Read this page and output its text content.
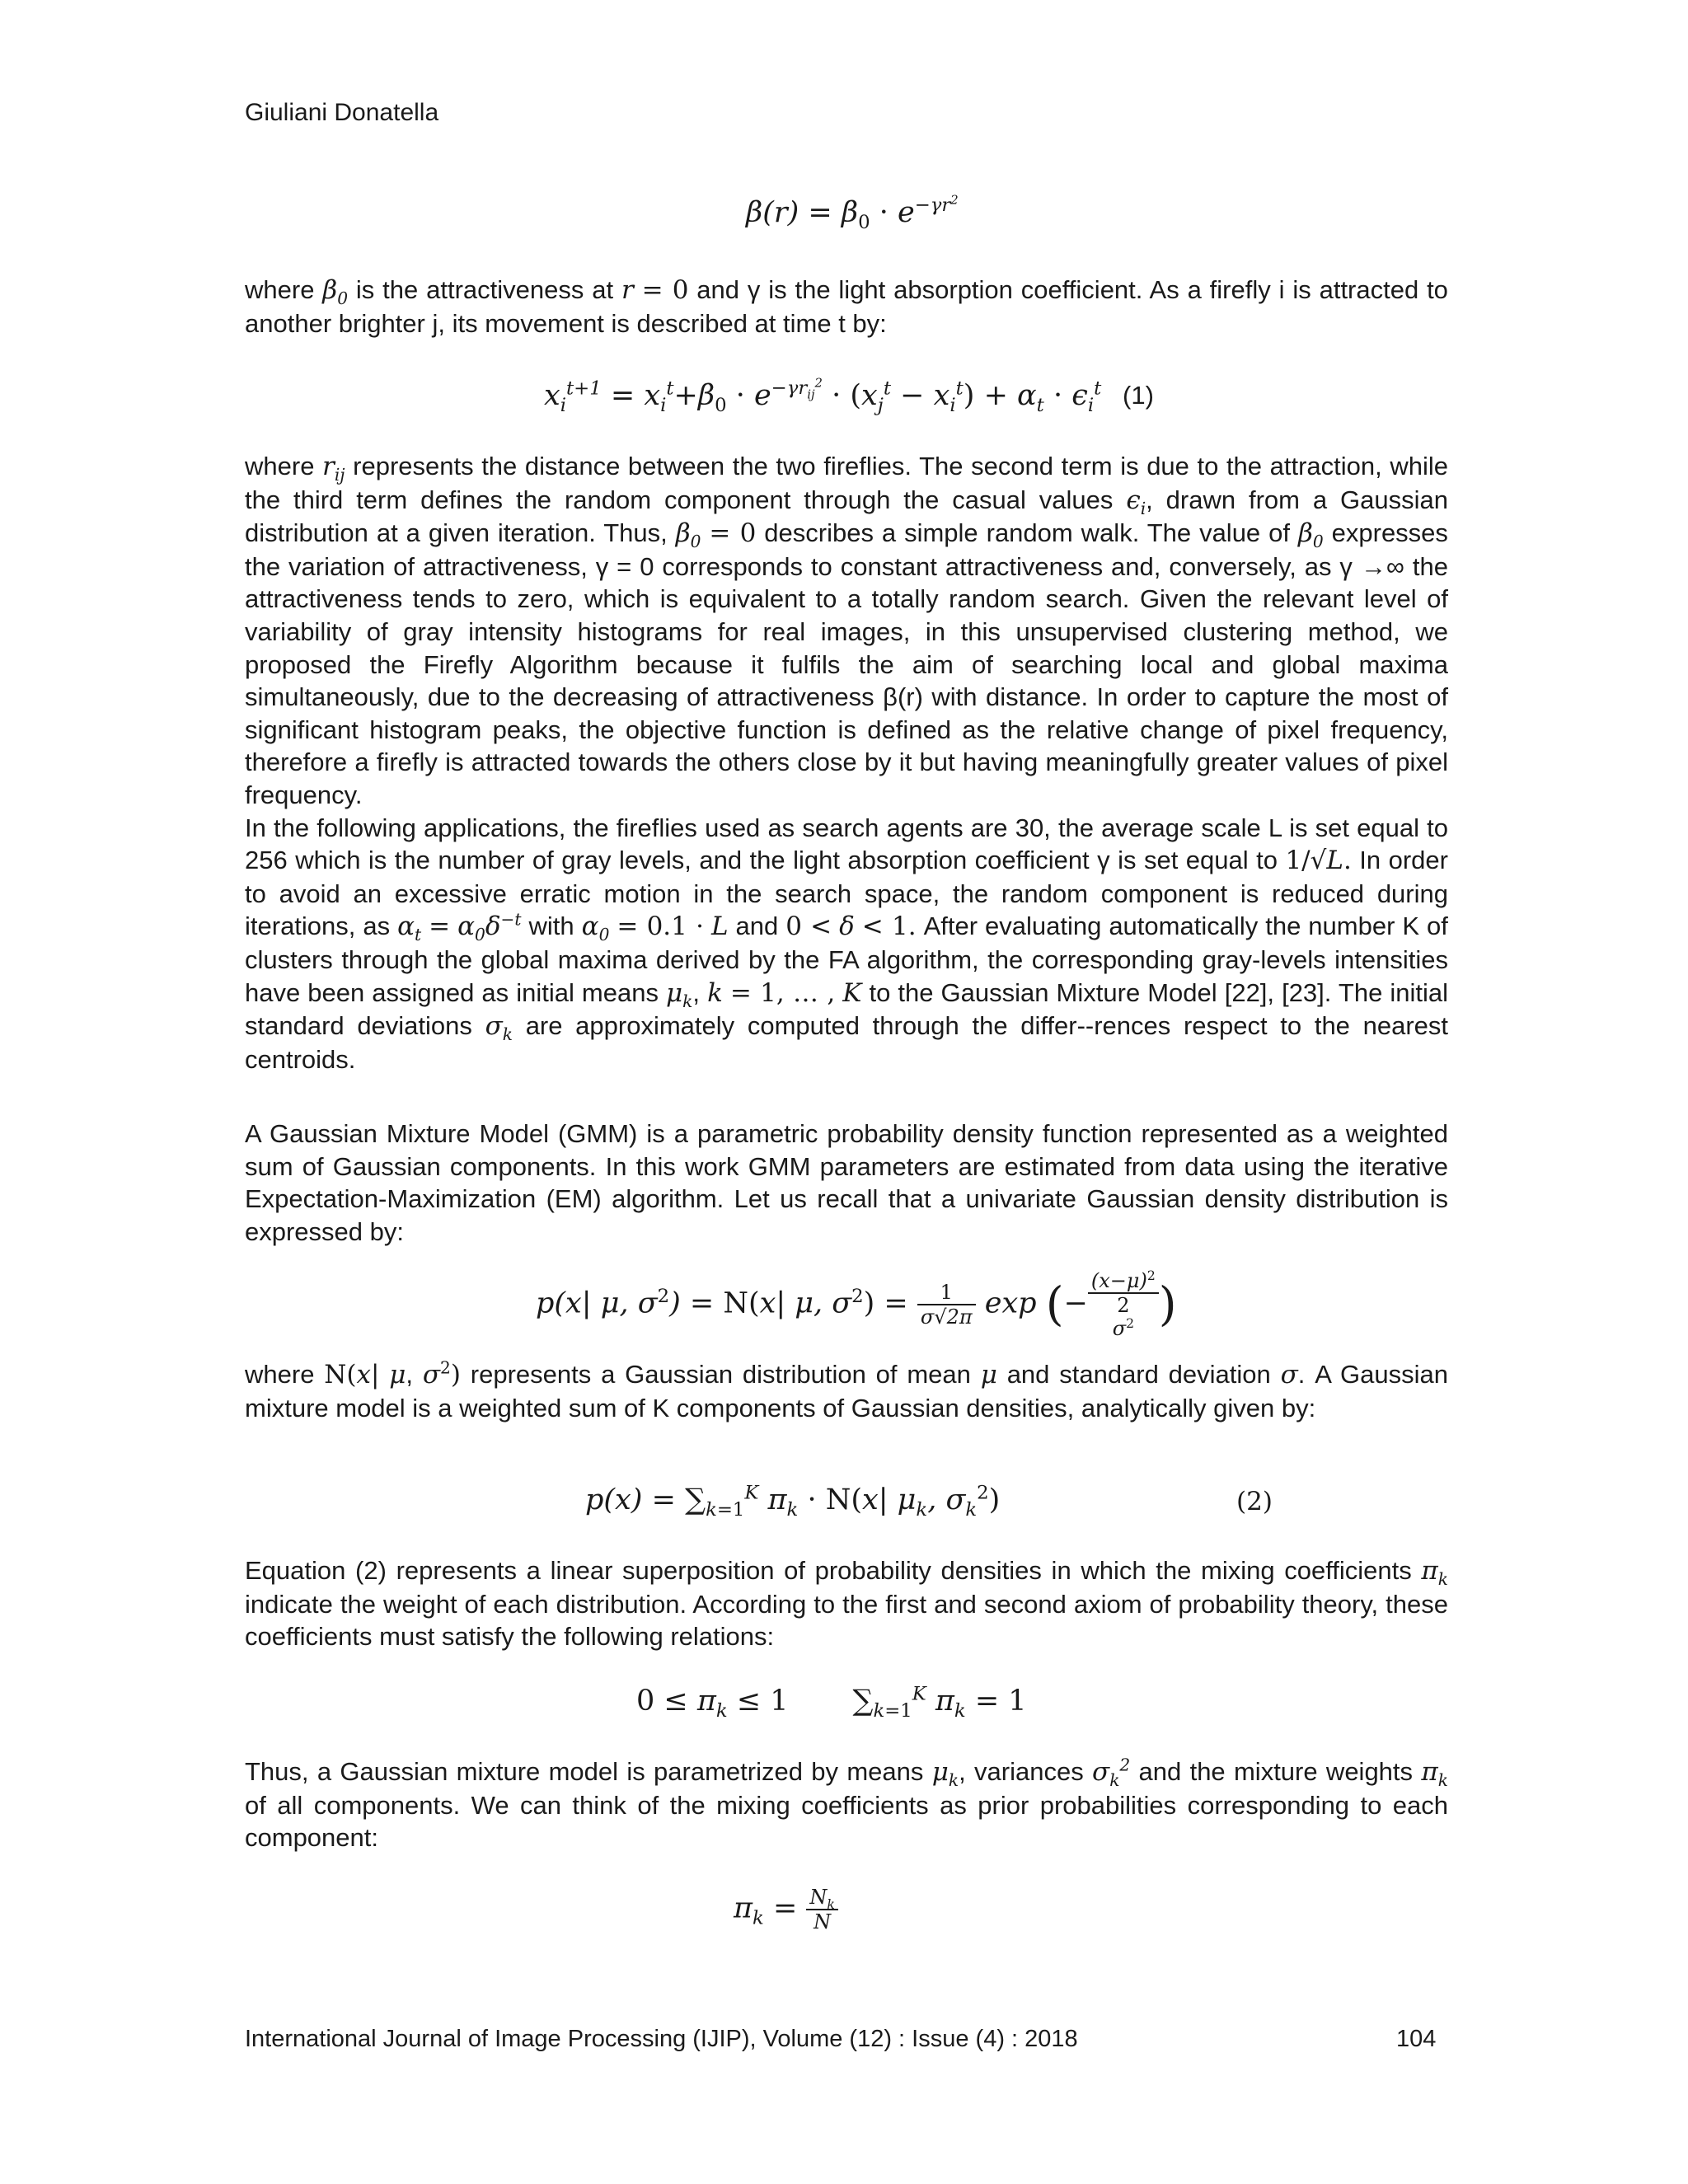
Giuliani Donatella
$\beta(r) = \beta_0 \cdot e^{-\gamma r^2}$

where $\beta_0$ is the attractiveness at r = 0 and γ is the light absorption coefficient. As a firefly i is attracted to another brighter j, its movement is described at time t by:

$x_i^{t+1} = x_i^t+\beta_0 \cdot e^{-\gamma r_{ij}^2} \cdot (x_j^t - x_i^t) + \alpha_t \cdot \epsilon_i^t$ (1)

where $r_{ij}$ represents the distance between the two fireflies. The second term is due to the attraction, while the third term defines the random component through the casual values $\epsilon_i$, drawn from a Gaussian distribution at a given iteration. Thus, $\beta_0 = 0$ describes a simple random walk. The value of $\beta_0$ expresses the variation of attractiveness, γ = 0 corresponds to constant attractiveness and, conversely, as γ →∞ the attractiveness tends to zero, which is equivalent to a totally random search. Given the relevant level of variability of gray intensity histograms for real images, in this unsupervised clustering method, we proposed the Firefly Algorithm because it fulfils the aim of searching local and global maxima simultaneously, due to the decreasing of attractiveness β(r) with distance. In order to capture the most of significant histogram peaks, the objective function is defined as the relative change of pixel frequency, therefore a firefly is attracted towards the others close by it but having meaningfully greater values of pixel frequency.

In the following applications, the fireflies used as search agents are 30, the average scale L is set equal to 256 which is the number of gray levels, and the light absorption coefficient γ is set equal to 1/√L. In order to avoid an excessive erratic motion in the search space, the random component is reduced during iterations, as $\alpha_t = \alpha_0\delta^{-t}$ with $\alpha_0 = 0.1 \cdot L$ and 0 < δ < 1. After evaluating automatically the number K of clusters through the global maxima derived by the FA algorithm, the corresponding gray-levels intensities have been assigned as initial means $\mu_k$, k = 1, … , K to the Gaussian Mixture Model [22], [23]. The initial standard deviations $\sigma_k$ are approximately computed through the differ--rences respect to the nearest centroids.

A Gaussian Mixture Model (GMM) is a parametric probability density function represented as a weighted sum of Gaussian components. In this work GMM parameters are estimated from data using the iterative Expectation-Maximization (EM) algorithm. Let us recall that a univariate Gaussian density distribution is expressed by:
p(x| μ, $\sigma^2) = N(x|$ μ, $\sigma^2) = \frac{1}{\sigma√2\pi}$ exp (− $(x-\mu)^2$
2
$\sigma^2$ )

where N(x| μ, $\sigma^2$) represents a Gaussian distribution of mean μ and standard deviation σ. A Gaussian mixture model is a weighted sum of K components of Gaussian densities, analytically given by:

$p(x) = \sum_{k=1}^K$ $\pi_k \cdot N(x|$ $\mu_k$, $\sigma_k^2$)	(2)

Equation (2) represents a linear superposition of probability densities in which the mixing coefficients $\pi_k$ indicate the weight of each distribution. According to the first and second axiom of probability theory, these coefficients must satisfy the following relations:

$0 \le \pi_k \le 1$ $\sum_{k=1}^K$ $\pi_k = 1$

Thus, a Gaussian mixture model is parametrized by means $\mu_k$, variances $\sigma_k^2$ and the mixture weights $\pi_k$ of all components. We can think of the mixing coefficients as prior probabilities corresponding to each component:

$\pi_k = \frac{N_k}{N}$
International Journal of Image Processing (IJIP), Volume (12) : Issue (4) : 2018	104
